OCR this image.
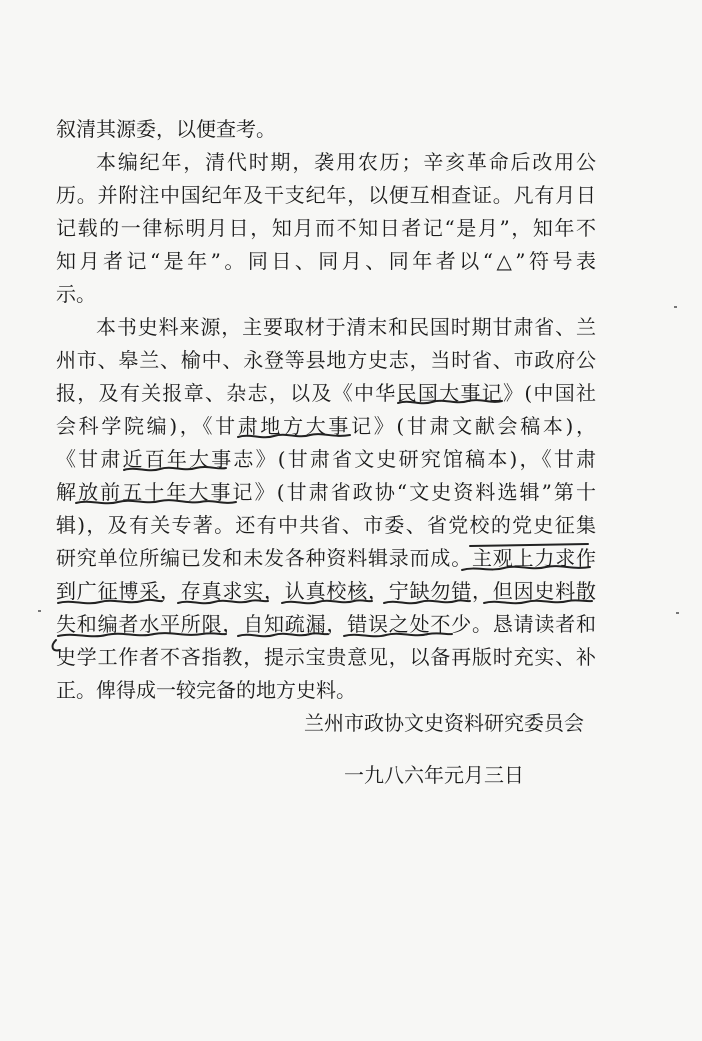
叙清其源委，以便查考。
本编纪年，清代时期，袭用农历；辛亥革命后改用公
历。并附注中国纪年及干支纪年，以便互相查证。凡有月日
记载的一律标明月日，知月而不知日者记“是月”，知年不
知月者记“是年”。同日、同月、同年者以“△”符号表
示。
本书史料来源，主要取材于清末和民国时期甘肃省、兰
州市、皋兰、榆中、永登等县地方史志，当时省、市政府公
报，及有关报章、杂志，以及《中华民国大事记》(中国社
会科学院编)，《甘肃地方大事记》(甘肃文献会稿本)，
《甘肃近百年大事志》(甘肃省文史研究馆稿本)，《甘肃
解放前五十年大事记》(甘肃省政协“文史资料选辑”第十
辑)，及有关专著。还有中共省、市委、省党校的党史征集
研究单位所编已发和未发各种资料辑录而成。主观上力求作
到广征博采，存真求实，认真校核，宁缺勿错，但因史料散
失和编者水平所限，自知疏漏，错误之处不少。恳请读者和
史学工作者不吝指教，提示宝贵意见，以备再版时充实、补
正。俾得成一较完备的地方史料。
兰州市政协文史资料研究委员会
一九八六年元月三日
